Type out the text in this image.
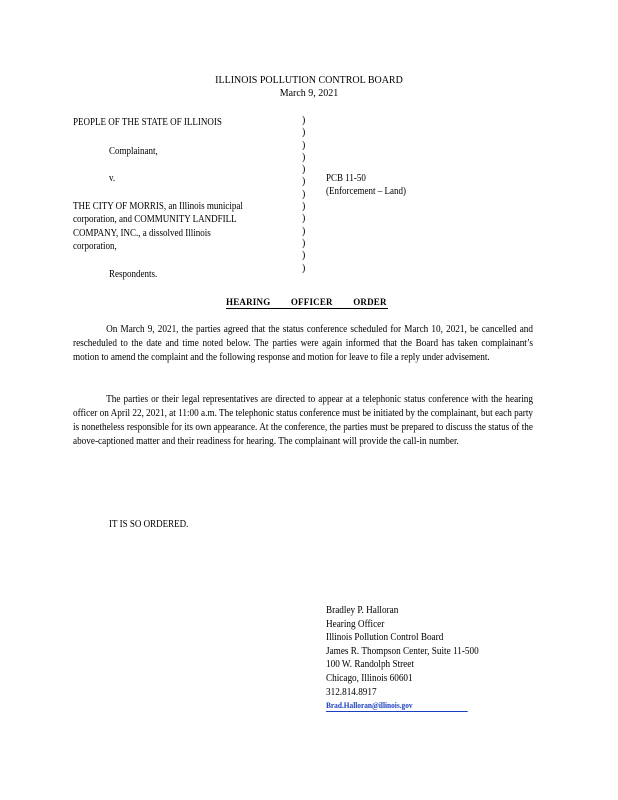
ILLINOIS POLLUTION CONTROL BOARD
March 9, 2021
PEOPLE OF THE STATE OF ILLINOIS
Complainant,
v.
THE CITY OF MORRIS, an Illinois municipal
corporation, and COMMUNITY LANDFILL
COMPANY, INC., a dissolved Illinois
corporation,
Respondents.
)
)
)
)
)
)
)
)
)
)
)
)
)
PCB 11-50
(Enforcement – Land)
HEARING OFFICER ORDER
On March 9, 2021, the parties agreed that the status conference scheduled for March 10, 2021, be cancelled and rescheduled to the date and time noted below. The parties were again informed that the Board has taken complainant’s motion to amend the complaint and the following response and motion for leave to file a reply under advisement.
The parties or their legal representatives are directed to appear at a telephonic status conference with the hearing officer on April 22, 2021, at 11:00 a.m. The telephonic status conference must be initiated by the complainant, but each party is nonetheless responsible for its own appearance. At the conference, the parties must be prepared to discuss the status of the above-captioned matter and their readiness for hearing. The complainant will provide the call-in number.
IT IS SO ORDERED.
Bradley P. Halloran
Hearing Officer
Illinois Pollution Control Board
James R. Thompson Center, Suite 11-500
100 W. Randolph Street
Chicago, Illinois 60601
312.814.8917
Brad.Halloran@illinois.gov
